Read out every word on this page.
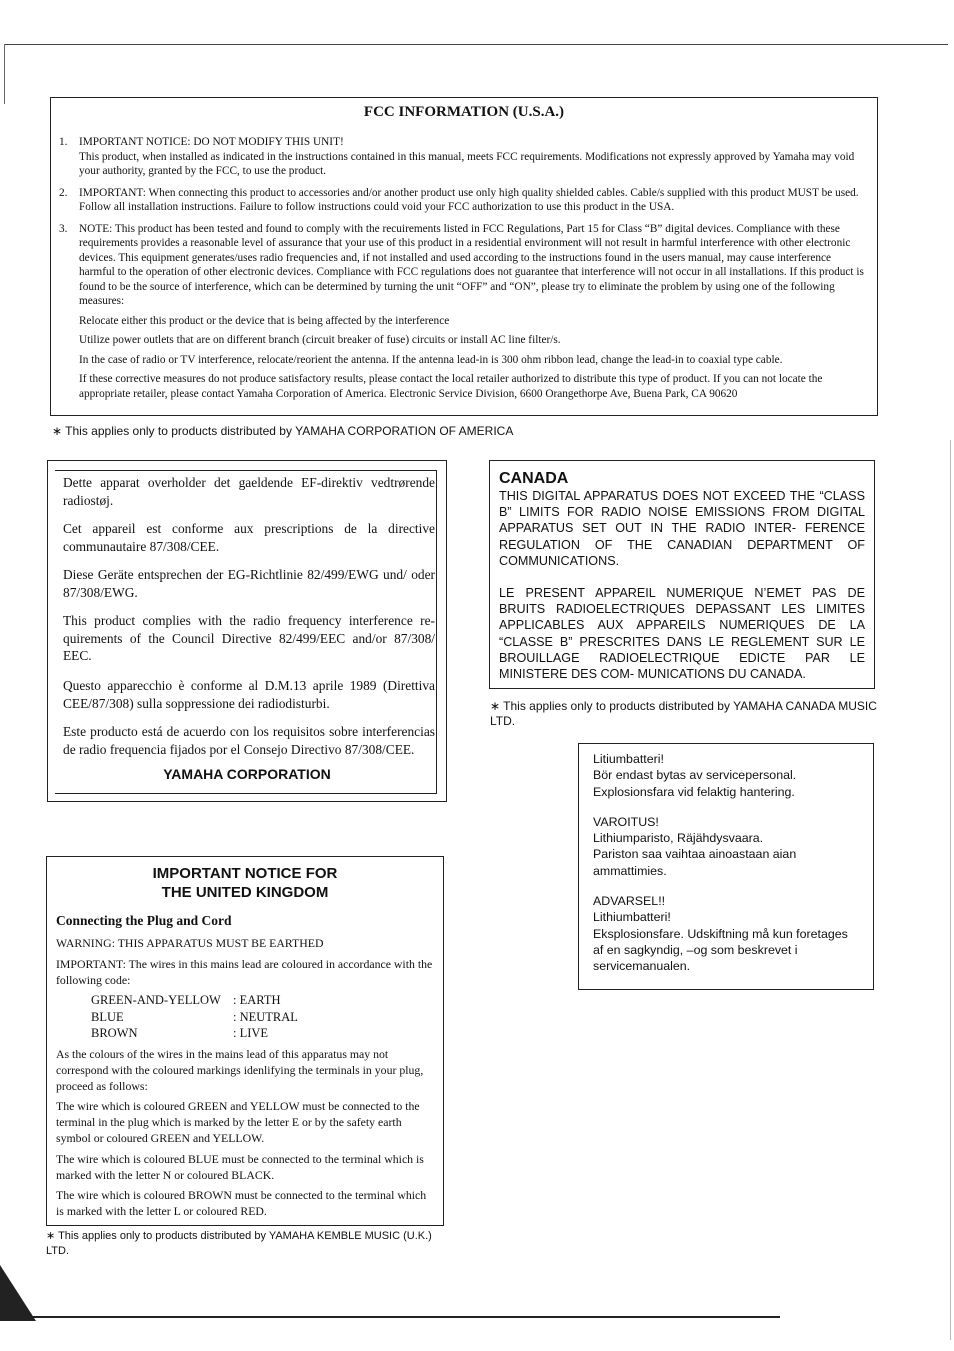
FCC INFORMATION (U.S.A.)
1.	IMPORTANT NOTICE: DO NOT MODIFY THIS UNIT!

This product, when installed as indicated in the instructions contained in this manual, meets FCC requirements. Modifications not expressly approved by Yamaha may void your authority, granted by the FCC, to use the product.

2.	IMPORTANT: When connecting this product to accessories and/or another product use only high quality shielded cables. Cable/s supplied with this product MUST be used. Follow all installation instructions. Failure to follow instructions could void your FCC authorization to use this product in the USA.

3.	NOTE: This product has been tested and found to comply with the recuirements listed in FCC Regulations, Part 15 for Class “B” digital devices. Compliance with these requirements provides a reasonable level of assurance that your use of this product in a residential environment will not result in harmful interference with other electronic devices. This equipment generates/uses radio frequencies and, if not installed and used according to the instructions found in the users manual, may cause interference harmful to the operation of other electronic devices. Compliance with FCC regulations does not guarantee that interference will not occur in all installations. If this product is found to be the source of interference, which can be determined by turning the unit “OFF” and “ON”, please try to eliminate the problem by using one of the following measures:

Relocate either this product or the device that is being affected by the interference

Utilize power outlets that are on different branch (circuit breaker of fuse) circuits or install AC line filter/s.

In the case of radio or TV interference, relocate/reorient the antenna. If the antenna lead-in is 300 ohm ribbon lead, change the lead-in to coaxial type cable.

If these corrective measures do not produce satisfactory results, please contact the local retailer authorized to distribute this type of product. If you can not locate the appropriate retailer, please contact Yamaha Corporation of America. Electronic Service Division, 6600 Orangethorpe Ave, Buena Park, CA 90620

∗ This applies only to products distributed by YAMAHA CORPORATION OF AMERICA
Dette apparat overholder det gaeldende EF-direktiv vedtrørende radiostøj.
Cet appareil est conforme aux prescriptions de la directive communautaire 87/308/CEE.
Diese Geräte entsprechen der EG-Richtlinie 82/499/EWG und/ oder 87/308/EWG.
This product complies with the radio frequency interference re- quirements of the Council Directive 82/499/EEC and/or 87/308/ EEC.
Questo apparecchio è conforme al D.M.13 aprile 1989 (Direttiva CEE/87/308) sulla soppressione dei radiodisturbi.
Este producto está de acuerdo con los requisitos sobre interferencias de radio frequencia fijados por el Consejo Directivo 87/308/CEE.
YAMAHA CORPORATION
IMPORTANT NOTICE FOR
THE UNITED KINGDOM
Connecting the Plug and Cord
WARNING: THIS APPARATUS MUST BE EARTHED
IMPORTANT: The wires in this mains lead are coloured in accordance with the following code:
GREEN-AND-YELLOW : EARTH
BLUE	: NEUTRAL
BROWN	: LIVE
As the colours of the wires in the mains lead of this apparatus may not correspond with the coloured markings idenlifying the terminals in your plug, proceed as follows:
The wire which is coloured GREEN and YELLOW must be connected to the terminal in the plug which is marked by the letter E or by the safety earth symbol or coloured GREEN and YELLOW.
The wire which is coloured BLUE must be connected to the terminal which is marked with the letter N or coloured BLACK.
The wire which is coloured BROWN must be connected to the terminal which is marked with the letter L or coloured RED.
∗ This applies only to products distributed by YAMAHA KEMBLE MUSIC (U.K.) LTD.
CANADA

THIS DIGITAL APPARATUS DOES NOT EXCEED THE “CLASS B” LIMITS FOR RADIO NOISE EMISSIONS FROM DIGITAL APPARATUS SET OUT IN THE RADIO INTER- FERENCE REGULATION OF THE CANADIAN DEPARTMENT OF COMMUNICATIONS.

LE PRESENT APPAREIL NUMERIQUE N’EMET PAS DE BRUITS RADIOELECTRIQUES DEPASSANT LES LIMITES APPLICABLES AUX APPAREILS NUMERIQUES DE LA “CLASSE B” PRESCRITES DANS LE REGLEMENT SUR LE BROUILLAGE RADIOELECTRIQUE EDICTE PAR LE MINISTERE DES COM- MUNICATIONS DU CANADA.

∗ This applies only to products distributed by YAMAHA CANADA MUSIC LTD.
Litiumbatteri!
Bör endast bytas av servicepersonal.
Explosionsfara vid felaktig hantering.
VAROITUS!
Lithiumparisto, Räjähdysvaara.
Pariston saa vaihtaa ainoastaan aian
ammattimies.
ADVARSEL!!
Lithiumbatteri!
Eksplosionsfare. Udskiftning må kun foretages
af en sagkyndig, –og som beskrevet i
servicemanualen.
